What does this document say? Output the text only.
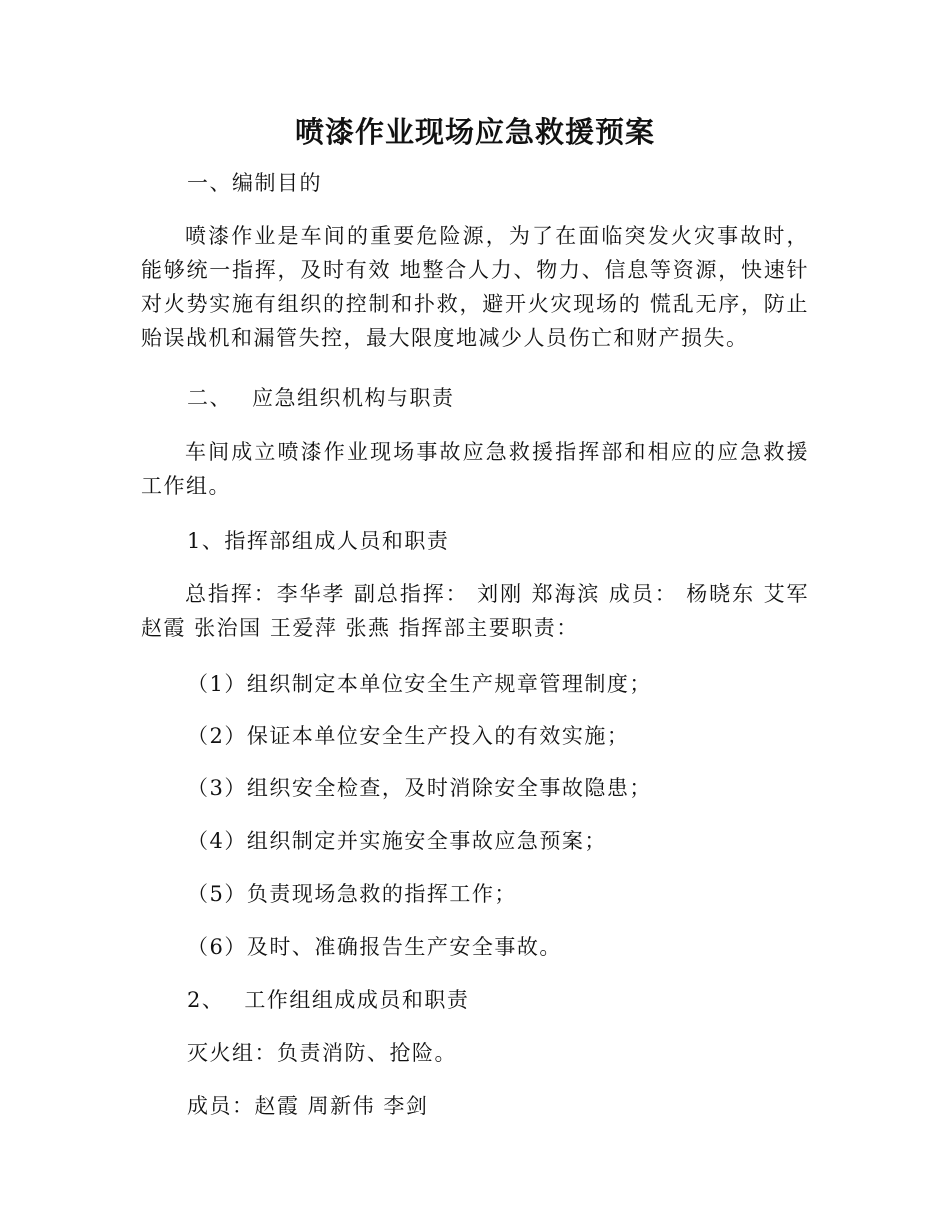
喷漆作业现场应急救援预案

一、编制目的

喷漆作业是车间的重要危险源，为了在面临突发火灾事故时，能够统一指挥，及时有效 地整合人力、物力、信息等资源，快速针对火势实施有组织的控制和扑救，避开火灾现场的 慌乱无序，防止贻误战机和漏管失控，最大限度地减少人员伤亡和财产损失。

二、 应急组织机构与职责

车间成立喷漆作业现场事故应急救援指挥部和相应的应急救援工作组。

1、指挥部组成人员和职责

总指挥：李华孝 副总指挥： 刘刚 郑海滨 成员： 杨晓东 艾军赵霞 张治国 王爱萍 张燕 指挥部主要职责：

（1）组织制定本单位安全生产规章管理制度；

（2）保证本单位安全生产投入的有效实施；

（3）组织安全检查，及时消除安全事故隐患；

（4）组织制定并实施安全事故应急预案；

（5）负责现场急救的指挥工作；

（6）及时、准确报告生产安全事故。

2、 工作组组成成员和职责

灭火组：负责消防、抢险。

成员：赵霞 周新伟 李剑
